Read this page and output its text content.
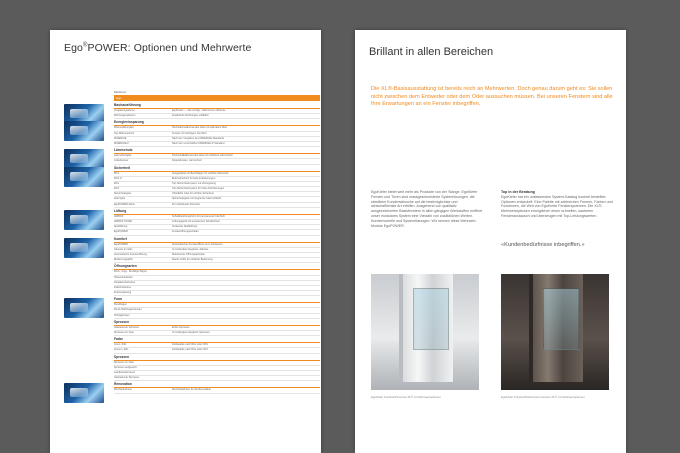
Ego®POWER: Optionen und Mehrwerte
Merkmal
Ego
Basisausführung
Verglasungsebene	EgoPower — das einzige, vollkommen effiziente
Dichtungsvarianten	Zusätzliche Dichtungen erhältlich
Energieeinsparung
Wärmedämmglas	Hochwärmedämmendes Glas mit optimalem Wert
Top-Wärmeschutz	Fenster mit niedrigem Uw-Wert
MINERGIE	Nach den Vorgaben des MINERGIE-Standards
MINERGIE-P	Nach dem verschärften MINERGIE-P-Standard
Lärmschutz
Lärmschutzglas	Hochschalldämmendes Glas mit erhöhtem Lärmschutz
Isolierfenster	Doppelfenster, Lärmschutz
Sicherheit
RC1	Ausgestattet mit Beschlägen für erhöhte Sicherheit
RC2 N	Einbruchschutz für tiefe Anforderungen
RC2	Top-Sicherheitssystem mit Verriegelung
RC3	Top-Sicherheitssystem für hohe Anforderungen
Sicherheitsglas	VSG/ESG Glas für erhöhte Sicherheit
Alarmglas	Sicherheitsglas mit integrierter Alarmschleife
EgoPOWER Alarm	Für individuelle Wünsche
Lüftung
AIRBOX	Schalldämpfungsform für permanente Frischluft
AIRBOX NOISE	Lüftungsgerät mit erweitertem Schallschutz
Spaltlüftung	Verdeckte Spaltlüftung
EgoPOWER	Fensteröffnungsschalter
Komfort
EgoPOWER	Automatisches Fensteröffnen und -schliessen
Jalousie im Glas	Im Isolierglas integrierte Jalousie
Automatische Fensteröffnung	Motorisierte Öffnungsantriebe
Bedienungsgriffe	Flache Griffe für einfache Bedienung
Öffnungsarten
Dreh-, Kipp-, Drehkipp-Flügel
Hebeschiebetüre
Parallelschiebetüre
Faltschiebetüre
Festverglasung
Form
Rundbogen
Rund-/Stichbogenfenster
Schrägfenster
Sprossen
Glasteilende Sprossen	Echte Sprossen
Sprossen im Glas	Im Isolierglas integrierte Sprossen
Farbe
Innen, RAL	Farbpalette nach RAL oder NCS
Aussen, RAL	Farbpalette nach RAL oder NCS
Sprossen
Sprossen im Glas
Sprossen aufgesetzt
Landhaussprossen
Glasteilende Sprossen
Renovation
Wechselrahmen	Wechselrahmen für die Renovation
Brillant in allen Bereichen
Die XL®-Basisausstattung ist bereits reich an Mehrwerten. Doch genau darum geht es: Sie sollen nicht zwischen dem Entweder oder dem Oder aussuchen müssen. Bei unseren Fenstern sind alle Ihre Erwartungen an ein Fenster inbegriffen.
EgoKiefer bietet weit mehr als Produkte von der Stange. EgoKiefer Fenster und Türen sind massgeschneiderte Systemlösungen, die sämtliche Kundenwünsche auf die bestmöglichste und wirtschaftlichste Art erfüllen. Ausgehend von qualitativ ausgezeichneten Basisfenstern in allen gängigen Werkstoffen eröffnet unser modulares System eine Vielzahl von zusätzlichen Werten. Kundenvorteile und Systemlösungen. Wir nennen diese Mehrwert-Module EgoPOWER.
Top in der Beratung
EgoKiefer hat ein umfassendes System-Katalog konkret bestellter Optionen entwickelt. Eine Palette mit zahlreichen Formen, Farben und Funktionen, die Welt von EgoKiefer Fenstersystemen. Die XL®-Mehrwertoptionen ermöglichen einen schnellen, sauberen Fensteraustausch und überzeugen mit Top-Leistungswerten.
«Kundenbedürfnisse inbegriffen.»
EgoKiefer Kunststoff-Fenster XL® mit Mehrwertoptionen	EgoKiefer Kunststoff/Aluminium-Fenster XL® mit Mehrwertoptionen
